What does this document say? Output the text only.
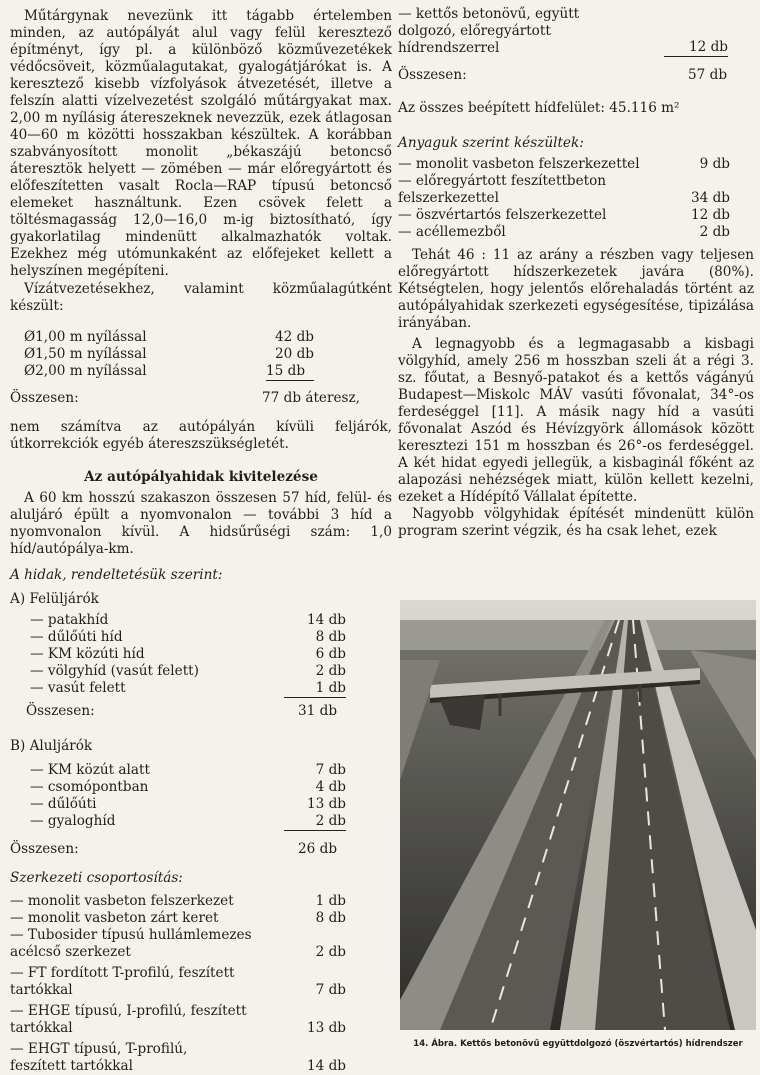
Műtárgynak nevezünk itt tágabb értelemben minden, az autópályát alul vagy felül keresztező építményt, így pl. a különböző közművezetékek védőcsöveit, közműalagutakat, gyalogátjárókat is. A keresztező kisebb vízfolyások átvezetését, illetve a felszín alatti vízelvezetést szolgáló műtárgyakat max. 2,00 m nyílásig átereszeknek nevezzük, ezek átlagosan 40—60 m közötti hosszakban készültek. A korábban szabványosított monolit „békaszájú betoncső áteresztök helyett — zömében — már előregyártott és előfeszítetten vasalt Rocla—RAP típusú betoncső elemeket használtunk. Ezen csövek felett a töltésmagasság 12,0—16,0 m-ig biztosítható, így gyakorlatilag mindenütt alkalmazhatók voltak. Ezekhez még utómunkaként az előfejeket kellett a helyszínen megépíteni.

Vízátvezetésekhez, valamint közműalagútként készült:

Ø1,00 m nyílással	42 db
Ø1,50 m nyílással	20 db
Ø2,00 m nyílással	15 db
Összesen:	77 db áteresz,

nem számítva az autópályán kívüli feljárók, útkorrekciók egyéb átereszszükségletét.

Az autópályahidak kivitelezése

A 60 km hosszú szakaszon összesen 57 híd, felül- és aluljáró épült a nyomvonalon — további 3 híd a nyomvonalon kívül. A hidsűrűségi szám: 1,0 híd/autópálya-km.

A hidak, rendeltetésük szerint:

A) Felüljárók

— patakhíd	14 db
— dűlőúti híd	8 db
— KM közúti híd	6 db
— völgyhíd (vasút felett)	2 db
— vasút felett	1 db
Összesen:	31 db

B) Aluljárók

— KM közút alatt	7 db
— csomópontban	4 db
— dűlőúti	13 db
— gyaloghíd	2 db
Összesen:	26 db

Szerkezeti csoportosítás:

— monolit vasbeton felszerkezet	1 db
— monolit vasbeton zárt keret	8 db
— Tubosider típusú hullámlemezes acélcső szerkezet	2 db
— FT fordított T-profilú, feszített tartókkal	7 db
— EHGE típusú, I-profilú, feszített tartókkal	13 db
— EHGT típusú, T-profilú, feszített tartókkal	14 db
— kettős betonövű, együtt dolgozó, előregyártott hídrendszerrel	12 db
Összesen:	57 db

Az összes beépített hídfelület: 45.116 m²

Anyaguk szerint készültek:

— monolit vasbeton felszerkezettel	9 db
— előregyártott feszítettbeton felszerkezettel	34 db
— öszvértartós felszerkezettel	12 db
— acéllemezből	2 db

Tehát 46 : 11 az arány a részben vagy teljesen előregyártott hídszerkezetek javára (80%). Kétségtelen, hogy jelentős előrehaladás történt az autópályahidak szerkezeti egységesítése, tipizálása irányában.

A legnagyobb és a legmagasabb a kisbagi völgyhíd, amely 256 m hosszban szeli át a régi 3. sz. főutat, a Besnyő-patakot és a kettős vágányú Budapest—Miskolc MÁV vasúti fővonalat, 34°-os ferdeséggel [11]. A másik nagy híd a vasúti fővonalat Aszód és Hévízgyörk állomások között keresztezi 151 m hosszban és 26°-os ferdeséggel. A két hidat egyedi jellegük, a kisbaginál főként az alapozási nehézségek miatt, külön kellett kezelni, ezeket a Hídépítő Vállalat építette.

Nagyobb völgyhidak építését mindenütt külön program szerint végzik, és ha csak lehet, ezek

14. Ábra. Kettős betonövű együttdolgozó (öszvértartós) hídrendszer
